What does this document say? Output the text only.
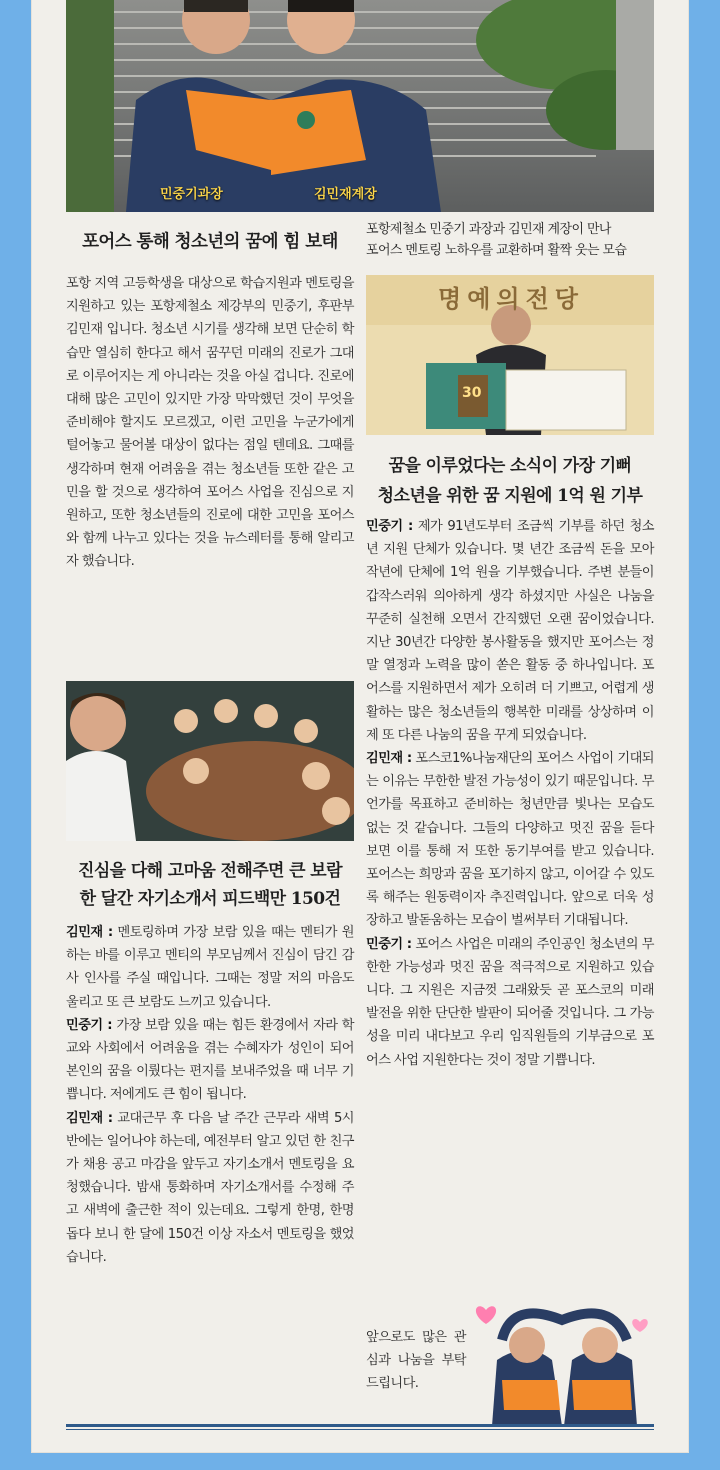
민중기과장	김민재계장
포어스 통해 청소년의 꿈에 힘 보태
포항제철소 민중기 과장과 김민재 계장이 만나
포어스 멘토링 노하우를 교환하며 활짝 웃는 모습

포항 지역 고등학생을 대상으로 학습지원과 멘토링을 지원하고 있는 포항제철소 제강부의 민중기, 후판부 김민재 입니다. 청소년 시기를 생각해 보면 단순히 학습만 열심히 한다고 해서 꿈꾸던 미래의 진로가 그대로 이루어지는 게 아니라는 것을 아실 겁니다. 진로에 대해 많은 고민이 있지만 가장 막막했던 것이 무엇을 준비해야 할지도 모르겠고, 이런 고민을 누군가에게 털어놓고 물어볼 대상이 없다는 점일 텐데요. 그때를 생각하며 현재 어려움을 겪는 청소년들 또한 같은 고민을 할 것으로 생각하여 포어스 사업을 진심으로 지원하고, 또한 청소년들의 진로에 대한 고민을 포어스와 함께 나누고 있다는 것을 뉴스레터를 통해 알리고자 했습니다.

명예의전당
30
꿈을 이루었다는 소식이 가장 기뻐
청소년을 위한 꿈 지원에 1억 원 기부

민중기 : 제가 91년도부터 조금씩 기부를 하던 청소년 지원 단체가 있습니다. 몇 년간 조금씩 돈을 모아 작년에 단체에 1억 원을 기부했습니다. 주변 분들이 갑작스러워 의아하게 생각 하셨지만 사실은 나눔을 꾸준히 실천해 오면서 간직했던 오랜 꿈이었습니다. 지난 30년간 다양한 봉사활동을 했지만 포어스는 정말 열정과 노력을 많이 쏟은 활동 중 하나입니다. 포어스를 지원하면서 제가 오히려 더 기쁘고, 어렵게 생활하는 많은 청소년들의 행복한 미래를 상상하며 이제 또 다른 나눔의 꿈을 꾸게 되었습니다.

김민재 : 포스코1%나눔재단의 포어스 사업이 기대되는 이유는 무한한 발전 가능성이 있기 때문입니다. 무언가를 목표하고 준비하는 청년만큼 빛나는 모습도 없는 것 같습니다. 그들의 다양하고 멋진 꿈을 듣다 보면 이를 통해 저 또한 동기부여를 받고 있습니다. 포어스는 희망과 꿈을 포기하지 않고, 이어갈 수 있도록 해주는 원동력이자 추진력입니다. 앞으로 더욱 성장하고 발돋움하는 모습이 벌써부터 기대됩니다.

민중기 : 포어스 사업은 미래의 주인공인 청소년의 무한한 가능성과 멋진 꿈을 적극적으로 지원하고 있습니다. 그 지원은 지금껏 그래왔듯 곧 포스코의 미래 발전을 위한 단단한 발판이 되어줄 것입니다. 그 가능성을 미리 내다보고 우리 임직원들의 기부금으로 포어스 사업 지원한다는 것이 정말 기쁩니다.

앞으로도 많은 관심과 나눔을 부탁드립니다.

진심을 다해 고마움 전해주면 큰 보람
한 달간 자기소개서 피드백만 150건

김민재 : 멘토링하며 가장 보람 있을 때는 멘티가 원하는 바를 이루고 멘티의 부모님께서 진심이 담긴 감사 인사를 주실 때입니다. 그때는 정말 저의 마음도 울리고 또 큰 보람도 느끼고 있습니다.

민중기 : 가장 보람 있을 때는 힘든 환경에서 자라 학교와 사회에서 어려움을 겪는 수혜자가 성인이 되어 본인의 꿈을 이뤘다는 편지를 보내주었을 때 너무 기쁩니다. 저에게도 큰 힘이 됩니다.

김민재 : 교대근무 후 다음 날 주간 근무라 새벽 5시 반에는 일어나야 하는데, 예전부터 알고 있던 한 친구가 채용 공고 마감을 앞두고 자기소개서 멘토링을 요청했습니다. 밤새 통화하며 자기소개서를 수정해 주고 새벽에 출근한 적이 있는데요. 그렇게 한명, 한명 돕다 보니 한 달에 150건 이상 자소서 멘토링을 했었습니다.
